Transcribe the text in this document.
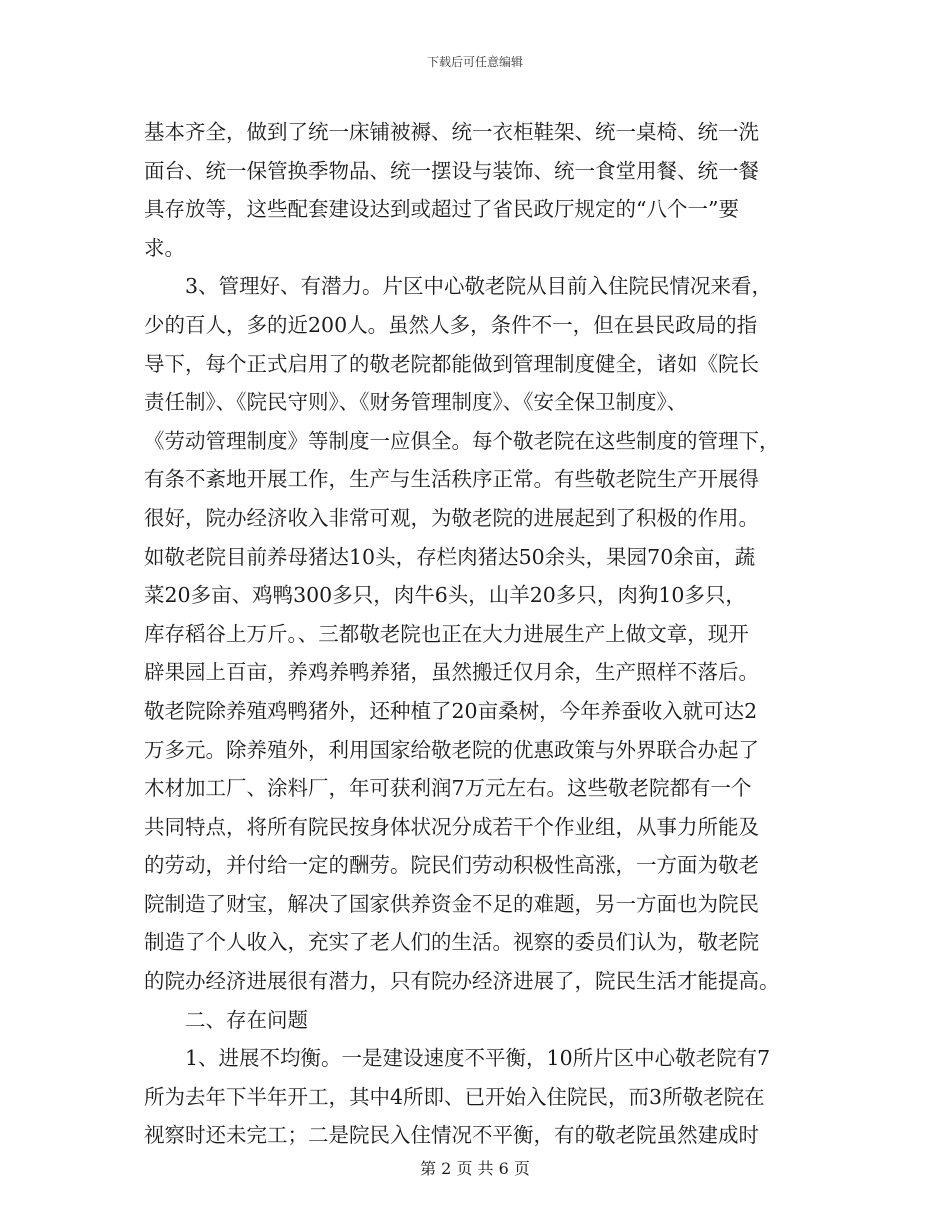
下载后可任意编辑
基本齐全，做到了统一床铺被褥、统一衣柜鞋架、统一桌椅、统一洗
面台、统一保管换季物品、统一摆设与装饰、统一食堂用餐、统一餐
具存放等，这些配套建设达到或超过了省民政厅规定的“八个一”要
求。
3、管理好、有潜力。片区中心敬老院从目前入住院民情况来看，
少的百人，多的近200人。虽然人多，条件不一，但在县民政局的指
导下，每个正式启用了的敬老院都能做到管理制度健全，诸如《院长
责任制》、《院民守则》、《财务管理制度》、《安全保卫制度》、
《劳动管理制度》等制度一应俱全。每个敬老院在这些制度的管理下，
有条不紊地开展工作，生产与生活秩序正常。有些敬老院生产开展得
很好，院办经济收入非常可观，为敬老院的进展起到了积极的作用。
如敬老院目前养母猪达10头，存栏肉猪达50余头，果园70余亩，蔬
菜20多亩、鸡鸭300多只，肉牛6头，山羊20多只，肉狗10多只，
库存稻谷上万斤。、三都敬老院也正在大力进展生产上做文章，现开
辟果园上百亩，养鸡养鸭养猪，虽然搬迁仅月余，生产照样不落后。
敬老院除养殖鸡鸭猪外，还种植了20亩桑树，今年养蚕收入就可达2
万多元。除养殖外，利用国家给敬老院的优惠政策与外界联合办起了
木材加工厂、涂料厂，年可获利润7万元左右。这些敬老院都有一个
共同特点，将所有院民按身体状况分成若干个作业组，从事力所能及
的劳动，并付给一定的酬劳。院民们劳动积极性高涨，一方面为敬老
院制造了财宝，解决了国家供养资金不足的难题，另一方面也为院民
制造了个人收入，充实了老人们的生活。视察的委员们认为，敬老院
的院办经济进展很有潜力，只有院办经济进展了，院民生活才能提高。
二、存在问题
1、进展不均衡。一是建设速度不平衡，10所片区中心敬老院有7
所为去年下半年开工，其中4所即、已开始入住院民，而3所敬老院在
视察时还未完工；二是院民入住情况不平衡，有的敬老院虽然建成时
第 2 页 共 6 页
